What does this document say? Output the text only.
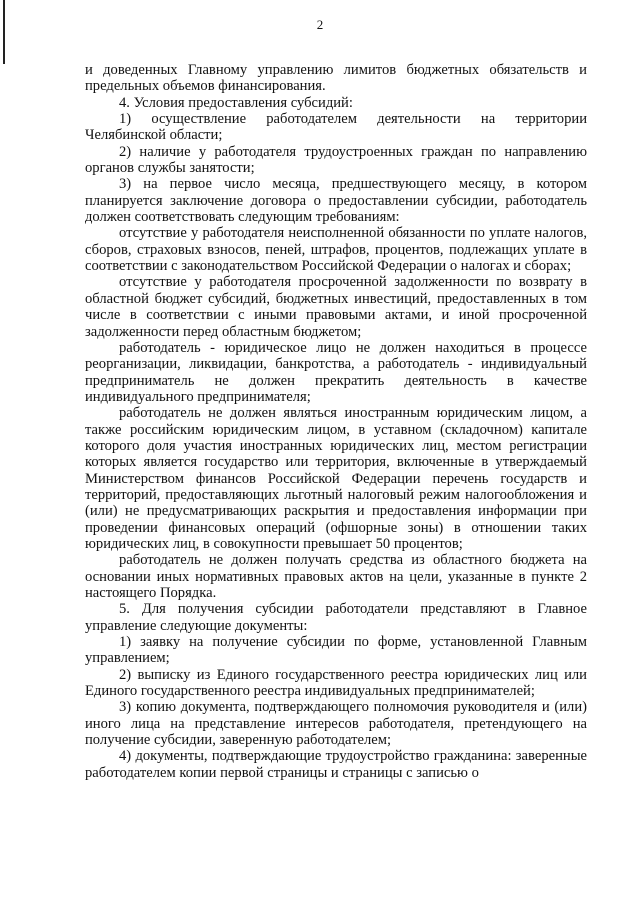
2

и доведенных Главному управлению лимитов бюджетных обязательств и предельных объемов финансирования.

4. Условия предоставления субсидий:

1) осуществление работодателем деятельности на территории Челябинской области;

2) наличие у работодателя трудоустроенных граждан по направлению органов службы занятости;

3) на первое число месяца, предшествующего месяцу, в котором планируется заключение договора о предоставлении субсидии, работодатель должен соответствовать следующим требованиям:

отсутствие у работодателя неисполненной обязанности по уплате налогов, сборов, страховых взносов, пеней, штрафов, процентов, подлежащих уплате в соответствии с законодательством Российской Федерации о налогах и сборах;

отсутствие у работодателя просроченной задолженности по возврату в областной бюджет субсидий, бюджетных инвестиций, предоставленных в том числе в соответствии с иными правовыми актами, и иной просроченной задолженности перед областным бюджетом;

работодатель - юридическое лицо не должен находиться в процессе реорганизации, ликвидации, банкротства, а работодатель - индивидуальный предприниматель не должен прекратить деятельность в качестве индивидуального предпринимателя;

работодатель не должен являться иностранным юридическим лицом, а также российским юридическим лицом, в уставном (складочном) капитале которого доля участия иностранных юридических лиц, местом регистрации которых является государство или территория, включенные в утверждаемый Министерством финансов Российской Федерации перечень государств и территорий, предоставляющих льготный налоговый режим налогообложения и (или) не предусматривающих раскрытия и предоставления информации при проведении финансовых операций (офшорные зоны) в отношении таких юридических лиц, в совокупности превышает 50 процентов;

работодатель не должен получать средства из областного бюджета на основании иных нормативных правовых актов на цели, указанные в пункте 2 настоящего Порядка.

5. Для получения субсидии работодатели представляют в Главное управление следующие документы:

1) заявку на получение субсидии по форме, установленной Главным управлением;

2) выписку из Единого государственного реестра юридических лиц или Единого государственного реестра индивидуальных предпринимателей;

3) копию документа, подтверждающего полномочия руководителя и (или) иного лица на представление интересов работодателя, претендующего на получение субсидии, заверенную работодателем;

4) документы, подтверждающие трудоустройство гражданина: заверенные работодателем копии первой страницы и страницы с записью о
